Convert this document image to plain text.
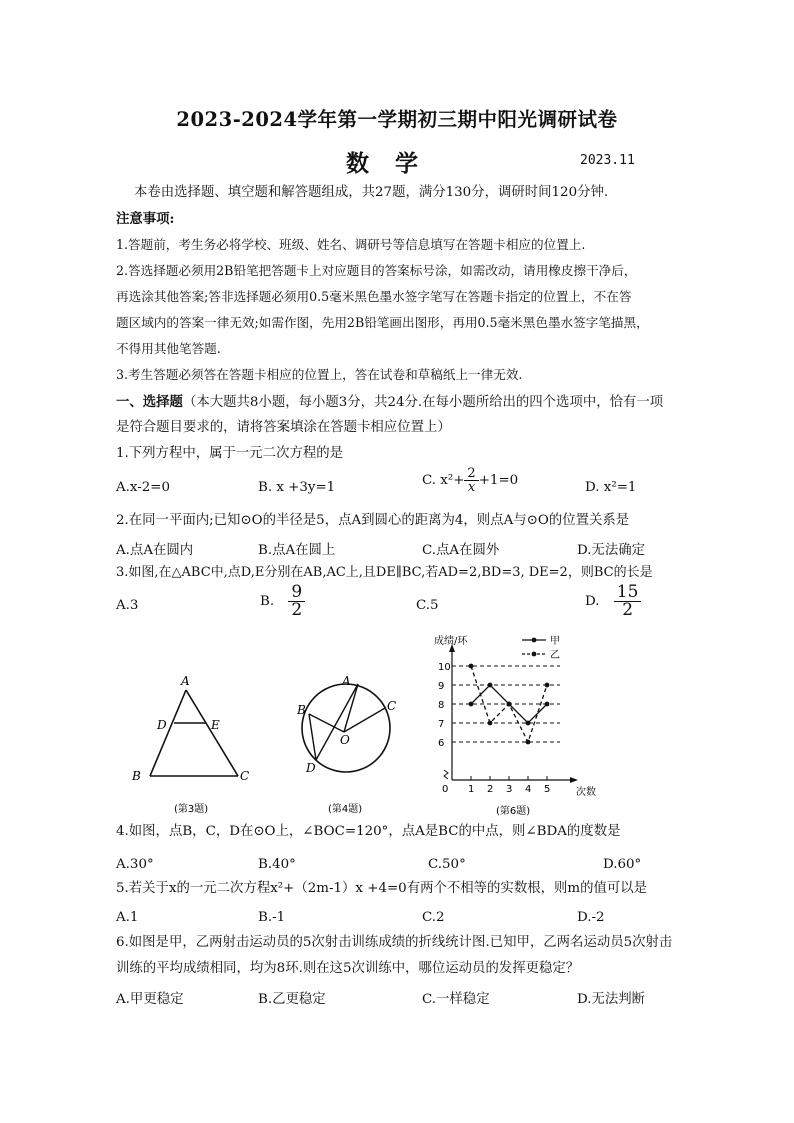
2023-2024学年第一学期初三期中阳光调研试卷
数学	2023.11
本卷由选择题、填空题和解答题组成，共27题，满分130分，调研时间120分钟.
注意事项:
1.答题前，考生务必将学校、班级、姓名、调研号等信息填写在答题卡相应的位置上.
2.答选择题必须用2B铅笔把答题卡上对应题目的答案标号涂，如需改动，请用橡皮擦干净后，
再选涂其他答案;答非选择题必须用0.5毫米黑色墨水签字笔写在答题卡指定的位置上，不在答
题区域内的答案一律无效;如需作图，先用2B铅笔画出图形，再用0.5毫米黑色墨水签字笔描黑，
不得用其他笔答题.
3.考生答题必须答在答题卡相应的位置上，答在试卷和草稿纸上一律无效.
一、选择题（本大题共8小题，每小题3分，共24分.在每小题所给出的四个选项中，恰有一项
是符合题目要求的，请将答案填涂在答题卡相应位置上）
1.下列方程中，属于一元二次方程的是
A.x-2=0	B. x +3y=1	C. $x^2+ \frac{2}{x} +1=0$	D. x²=1
2.在同一平面内;已知⊙O的半径是5，点A到圆心的距离为4，则点A与⊙O的位置关系是
A.点A在圆内	B.点A在圆上	C.点A在圆外	D.无法确定
3.如图,在△ABC中,点D,E分别在AB,AC上,且DE∥BC,若AD=2,BD=3, DE=2，则BC的长是
A.3	B. $\frac{9}{2}$	C.5	D. $\frac{15}{2}$
A
D	E
B	C
(第3题)
A
B	C
D
O
(第4题)
成绩/环
次数
0
6
7
8
9
10
1 2 3 4 5
甲
乙
(第6题)
4.如图，点B，C，D在⊙O上，∠BOC=120°，点A是BC的中点，则∠BDA的度数是
A.30°	B.40°	C.50°	D.60°
5.若关于x的一元二次方程x²+（2m-1）x +4=0有两个不相等的实数根，则m的值可以是
A.1	B.-1	C.2	D.-2
6.如图是甲，乙两射击运动员的5次射击训练成绩的折线统计图.已知甲，乙两名运动员5次射击
训练的平均成绩相同，均为8环.则在这5次训练中，哪位运动员的发挥更稳定？
A.甲更稳定	B.乙更稳定	C.一样稳定	D.无法判断
